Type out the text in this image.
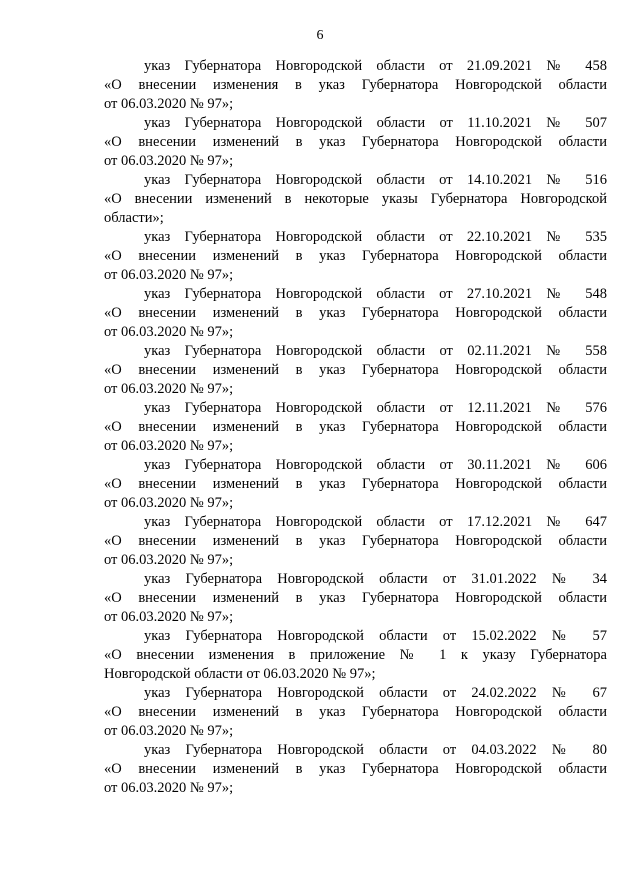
6
указ Губернатора Новгородской области от 21.09.2021 № 458
«О внесении изменения в указ Губернатора Новгородской области
от 06.03.2020 № 97»;
указ Губернатора Новгородской области от 11.10.2021 № 507
«О внесении изменений в указ Губернатора Новгородской области
от 06.03.2020 № 97»;
указ Губернатора Новгородской области от 14.10.2021 № 516
«О внесении изменений в некоторые указы Губернатора Новгородской
области»;
указ Губернатора Новгородской области от 22.10.2021 № 535
«О внесении изменений в указ Губернатора Новгородской области
от 06.03.2020 № 97»;
указ Губернатора Новгородской области от 27.10.2021 № 548
«О внесении изменений в указ Губернатора Новгородской области
от 06.03.2020 № 97»;
указ Губернатора Новгородской области от 02.11.2021 № 558
«О внесении изменений в указ Губернатора Новгородской области
от 06.03.2020 № 97»;
указ Губернатора Новгородской области от 12.11.2021 № 576
«О внесении изменений в указ Губернатора Новгородской области
от 06.03.2020 № 97»;
указ Губернатора Новгородской области от 30.11.2021 № 606
«О внесении изменений в указ Губернатора Новгородской области
от 06.03.2020 № 97»;
указ Губернатора Новгородской области от 17.12.2021 № 647
«О внесении изменений в указ Губернатора Новгородской области
от 06.03.2020 № 97»;
указ Губернатора Новгородской области от 31.01.2022 № 34
«О внесении изменений в указ Губернатора Новгородской области
от 06.03.2020 № 97»;
указ Губернатора Новгородской области от 15.02.2022 № 57
«О внесении изменения в приложение № 1 к указу Губернатора
Новгородской области от 06.03.2020 № 97»;
указ Губернатора Новгородской области от 24.02.2022 № 67
«О внесении изменений в указ Губернатора Новгородской области
от 06.03.2020 № 97»;
указ Губернатора Новгородской области от 04.03.2022 № 80
«О внесении изменений в указ Губернатора Новгородской области
от 06.03.2020 № 97»;
